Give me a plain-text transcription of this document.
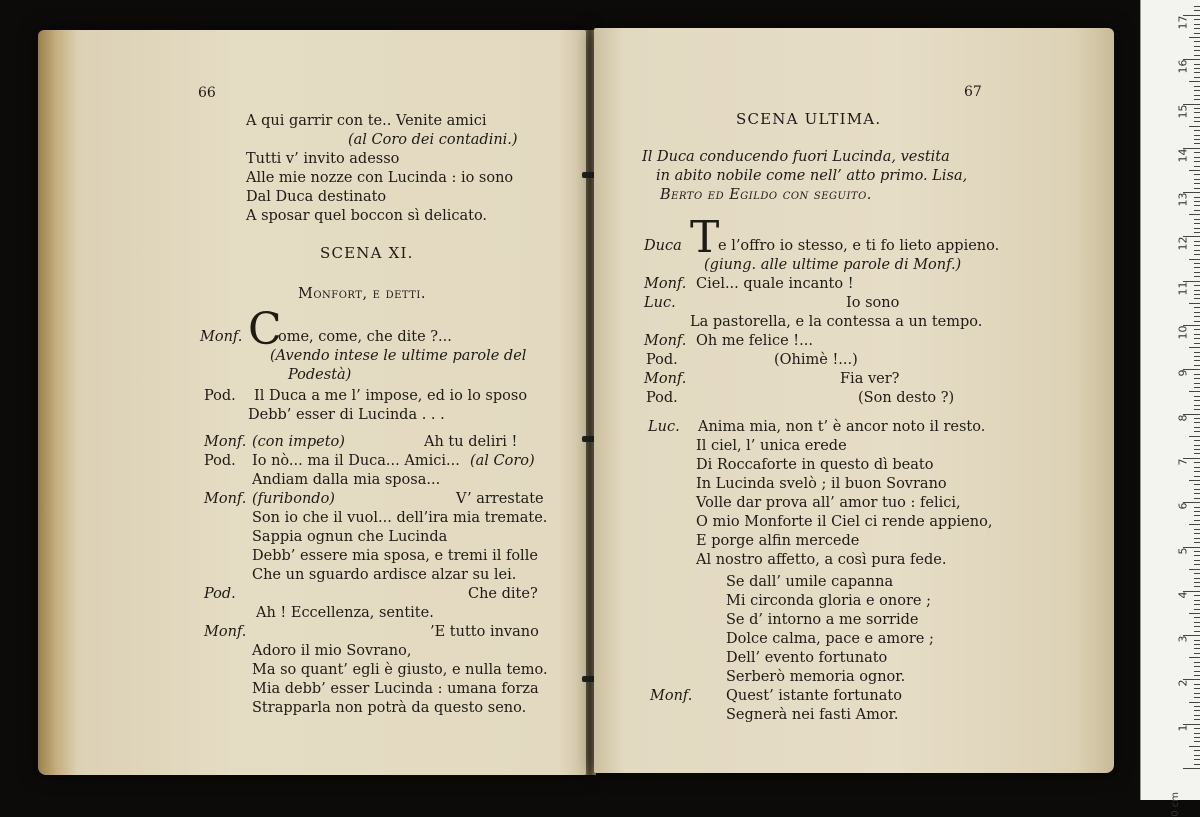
66
A qui garrir con te.. Venite amici
(al Coro dei contadini.)
Tutti v’ invito adesso
Alle mie nozze con Lucinda : io sono
Dal Duca destinato
A sposar quel boccon sì delicato.
SCENA XI.
Monfort, e detti.
Monf. C
ome, come, che dite ?...
(Avendo intese le ultime parole del
Podestà)
Pod. Il Duca a me l’ impose, ed io lo sposo
Debb’ esser di Lucinda . . .
Monf. (con impeto)	Ah tu deliri !
Pod. Io nò... ma il Duca... Amici... (al Coro)
Andiam dalla mia sposa...
Monf. (furibondo)	V’ arrestate
Son io che il vuol... dell’ira mia tremate.
Sappia ognun che Lucinda
Debb’ essere mia sposa, e tremi il folle
Che un sguardo ardisce alzar su lei.
Pod.	Che dite?
Ah ! Eccellenza, sentite.
Monf.	’E tutto invano
Adoro il mio Sovrano,
Ma so quant’ egli è giusto, e nulla temo.
Mia debb’ esser Lucinda : umana forza
Strapparla non potrà da questo seno.
67
SCENA ULTIMA.
Il Duca conducendo fuori Lucinda, vestita
in abito nobile come nell’ atto primo. Lisa,
Berto ed Egildo con seguito.
Duca T
e l’offro io stesso, e ti fo lieto appieno.
(giung. alle ultime parole di Monf.)
Monf. Ciel... quale incanto !
Luc.	Io sono
La pastorella, e la contessa a un tempo.
Monf. Oh me felice !...
Pod.	(Ohimè !...)
Monf.	Fia ver?
Pod.	(Son desto ?)
Luc. Anima mia, non t’ è ancor noto il resto.
Il ciel, l’ unica erede
Di Roccaforte in questo dì beato
In Lucinda svelò ; il buon Sovrano
Volle dar prova all’ amor tuo : felici,
O mio Monforte il Ciel ci rende appieno,
E porge alfin mercede
Al nostro affetto, a così pura fede.
Se dall’ umile capanna
Mi circonda gloria e onore ;
Se d’ intorno a me sorride
Dolce calma, pace e amore ;
Dell’ evento fortunato
Serberò memoria ognor.
Monf. Quest’ istante fortunato
Segnerà nei fasti Amor.
1
2
3
4
5
6
7
8
9
10
11
12
13
14
15
16
17
0 cm
